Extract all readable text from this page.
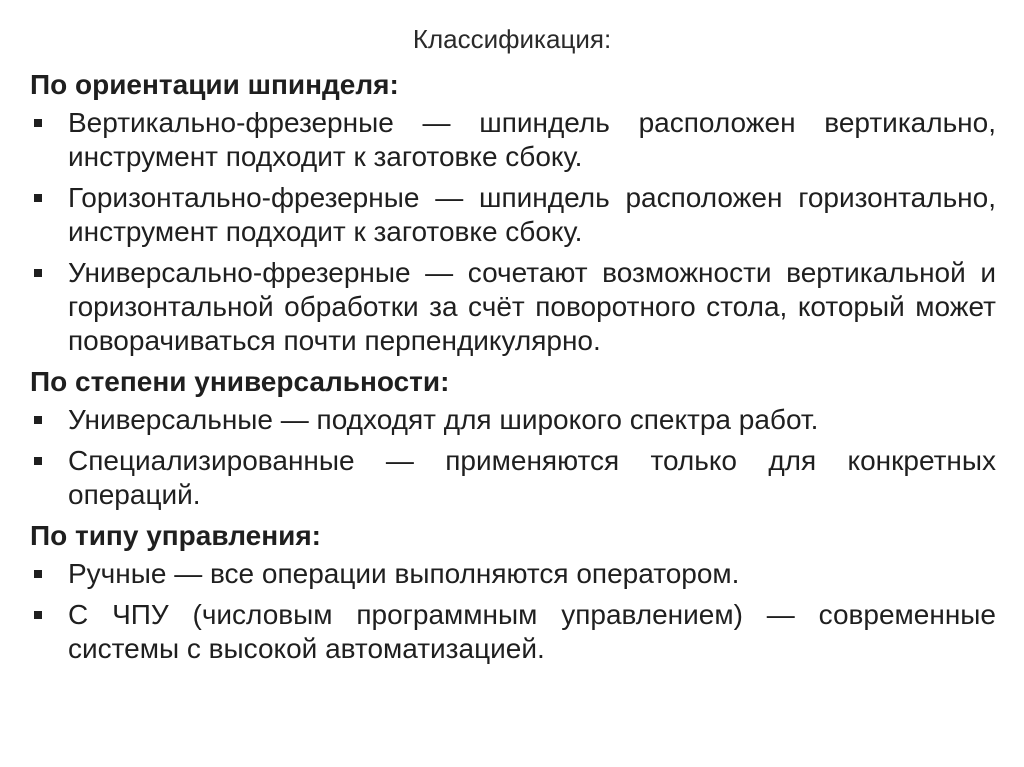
Классификация:
По ориентации шпинделя:
Вертикально-фрезерные — шпиндель расположен вертикально, инструмент подходит к заготовке сбоку.
Горизонтально-фрезерные — шпиндель расположен горизонтально, инструмент подходит к заготовке сбоку.
Универсально-фрезерные — сочетают возможности вертикальной и горизонтальной обработки за счёт поворотного стола, который может поворачиваться почти перпендикулярно.
По степени универсальности:
Универсальные — подходят для широкого спектра работ.
Специализированные — применяются только для конкретных операций.
По типу управления:
Ручные — все операции выполняются оператором.
С ЧПУ (числовым программным управлением) — современные системы с высокой автоматизацией.
